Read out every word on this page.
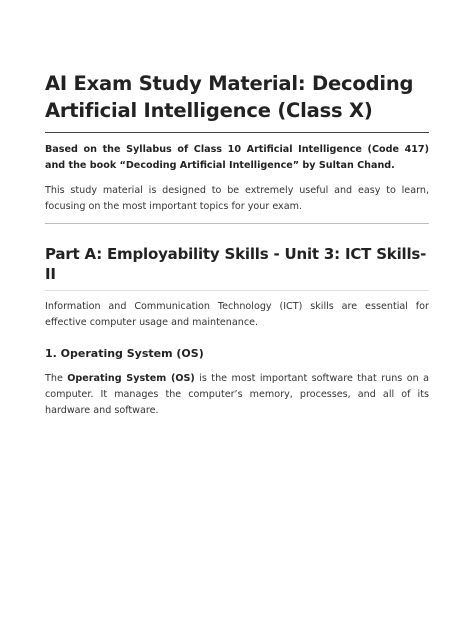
AI Exam Study Material: Decoding Artificial Intelligence (Class X)
Based on the Syllabus of Class 10 Artificial Intelligence (Code 417) and the book “Decoding Artificial Intelligence” by Sultan Chand.
This study material is designed to be extremely useful and easy to learn, focusing on the most important topics for your exam.
Part A: Employability Skills - Unit 3: ICT Skills-II
Information and Communication Technology (ICT) skills are essential for effective computer usage and maintenance.
1. Operating System (OS)
The Operating System (OS) is the most important software that runs on a computer. It manages the computer’s memory, processes, and all of its hardware and software.
